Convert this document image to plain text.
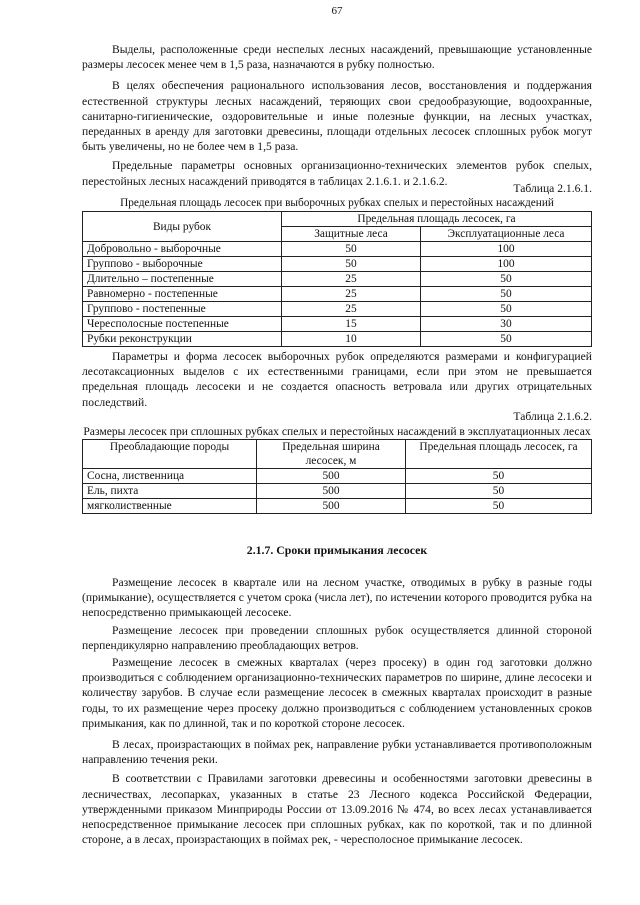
67

Выделы, расположенные среди неспелых лесных насаждений, превышающие установленные размеры лесосек менее чем в 1,5 раза, назначаются в рубку полностью.

В целях обеспечения рационального использования лесов, восстановления и поддержания естественной структуры лесных насаждений, теряющих свои средообразующие, водоохранные, санитарно-гигиенические, оздоровительные и иные полезные функции, на лесных участках, переданных в аренду для заготовки древесины, площади отдельных лесосек сплошных рубок могут быть увеличены, но не более чем в 1,5 раза.

Предельные параметры основных организационно-технических элементов рубок спелых, перестойных лесных насаждений приводятся в таблицах 2.1.6.1. и 2.1.6.2.

Таблица 2.1.6.1.

Предельная площадь лесосек при выборочных рубках спелых и перестойных насаждений

Виды рубок	Предельная площадь лесосек, га	
	Защитные леса	Эксплуатационные леса
Добровольно - выборочные	50	100
Группово - выборочные	50	100
Длительно – постепенные	25	50
Равномерно - постепенные	25	50
Группово - постепенные	25	50
Чересполосные постепенные	15	30
Рубки реконструкции	10	50

Параметры и форма лесосек выборочных рубок определяются размерами и конфигурацией лесотаксационных выделов с их естественными границами, если при этом не превышается предельная площадь лесосеки и не создается опасность ветровала или других отрицательных последствий.

Таблица 2.1.6.2.

Размеры лесосек при сплошных рубках спелых и перестойных насаждений в эксплуатационных лесах

Преобладающие породы	Предельная ширина лесосек, м	Предельная площадь лесосек, га
Сосна, лиственница	500	50
Ель, пихта	500	50
мягколиственные	500	50
2.1.7. Сроки примыкания лесосек

Размещение лесосек в квартале или на лесном участке, отводимых в рубку в разные годы (примыкание), осуществляется с учетом срока (числа лет), по истечении которого проводится рубка на непосредственно примыкающей лесосеке.

Размещение лесосек при проведении сплошных рубок осуществляется длинной стороной перпендикулярно направлению преобладающих ветров.

Размещение лесосек в смежных кварталах (через просеку) в один год заготовки должно производиться с соблюдением организационно-технических параметров по ширине, длине лесосеки и количеству зарубов. В случае если размещение лесосек в смежных кварталах происходит в разные годы, то их размещение через просеку должно производиться с соблюдением установленных сроков примыкания, как по длинной, так и по короткой стороне лесосек.

В лесах, произрастающих в поймах рек, направление рубки устанавливается противоположным направлению течения реки.

В соответствии с Правилами заготовки древесины и особенностями заготовки древесины в лесничествах, лесопарках, указанных в статье 23 Лесного кодекса Российской Федерации, утвержденными приказом Минприроды России от 13.09.2016 № 474, во всех лесах устанавливается непосредственное примыкание лесосек при сплошных рубках, как по короткой, так и по длинной стороне, а в лесах, произрастающих в поймах рек, - чересполосное примыкание лесосек.
